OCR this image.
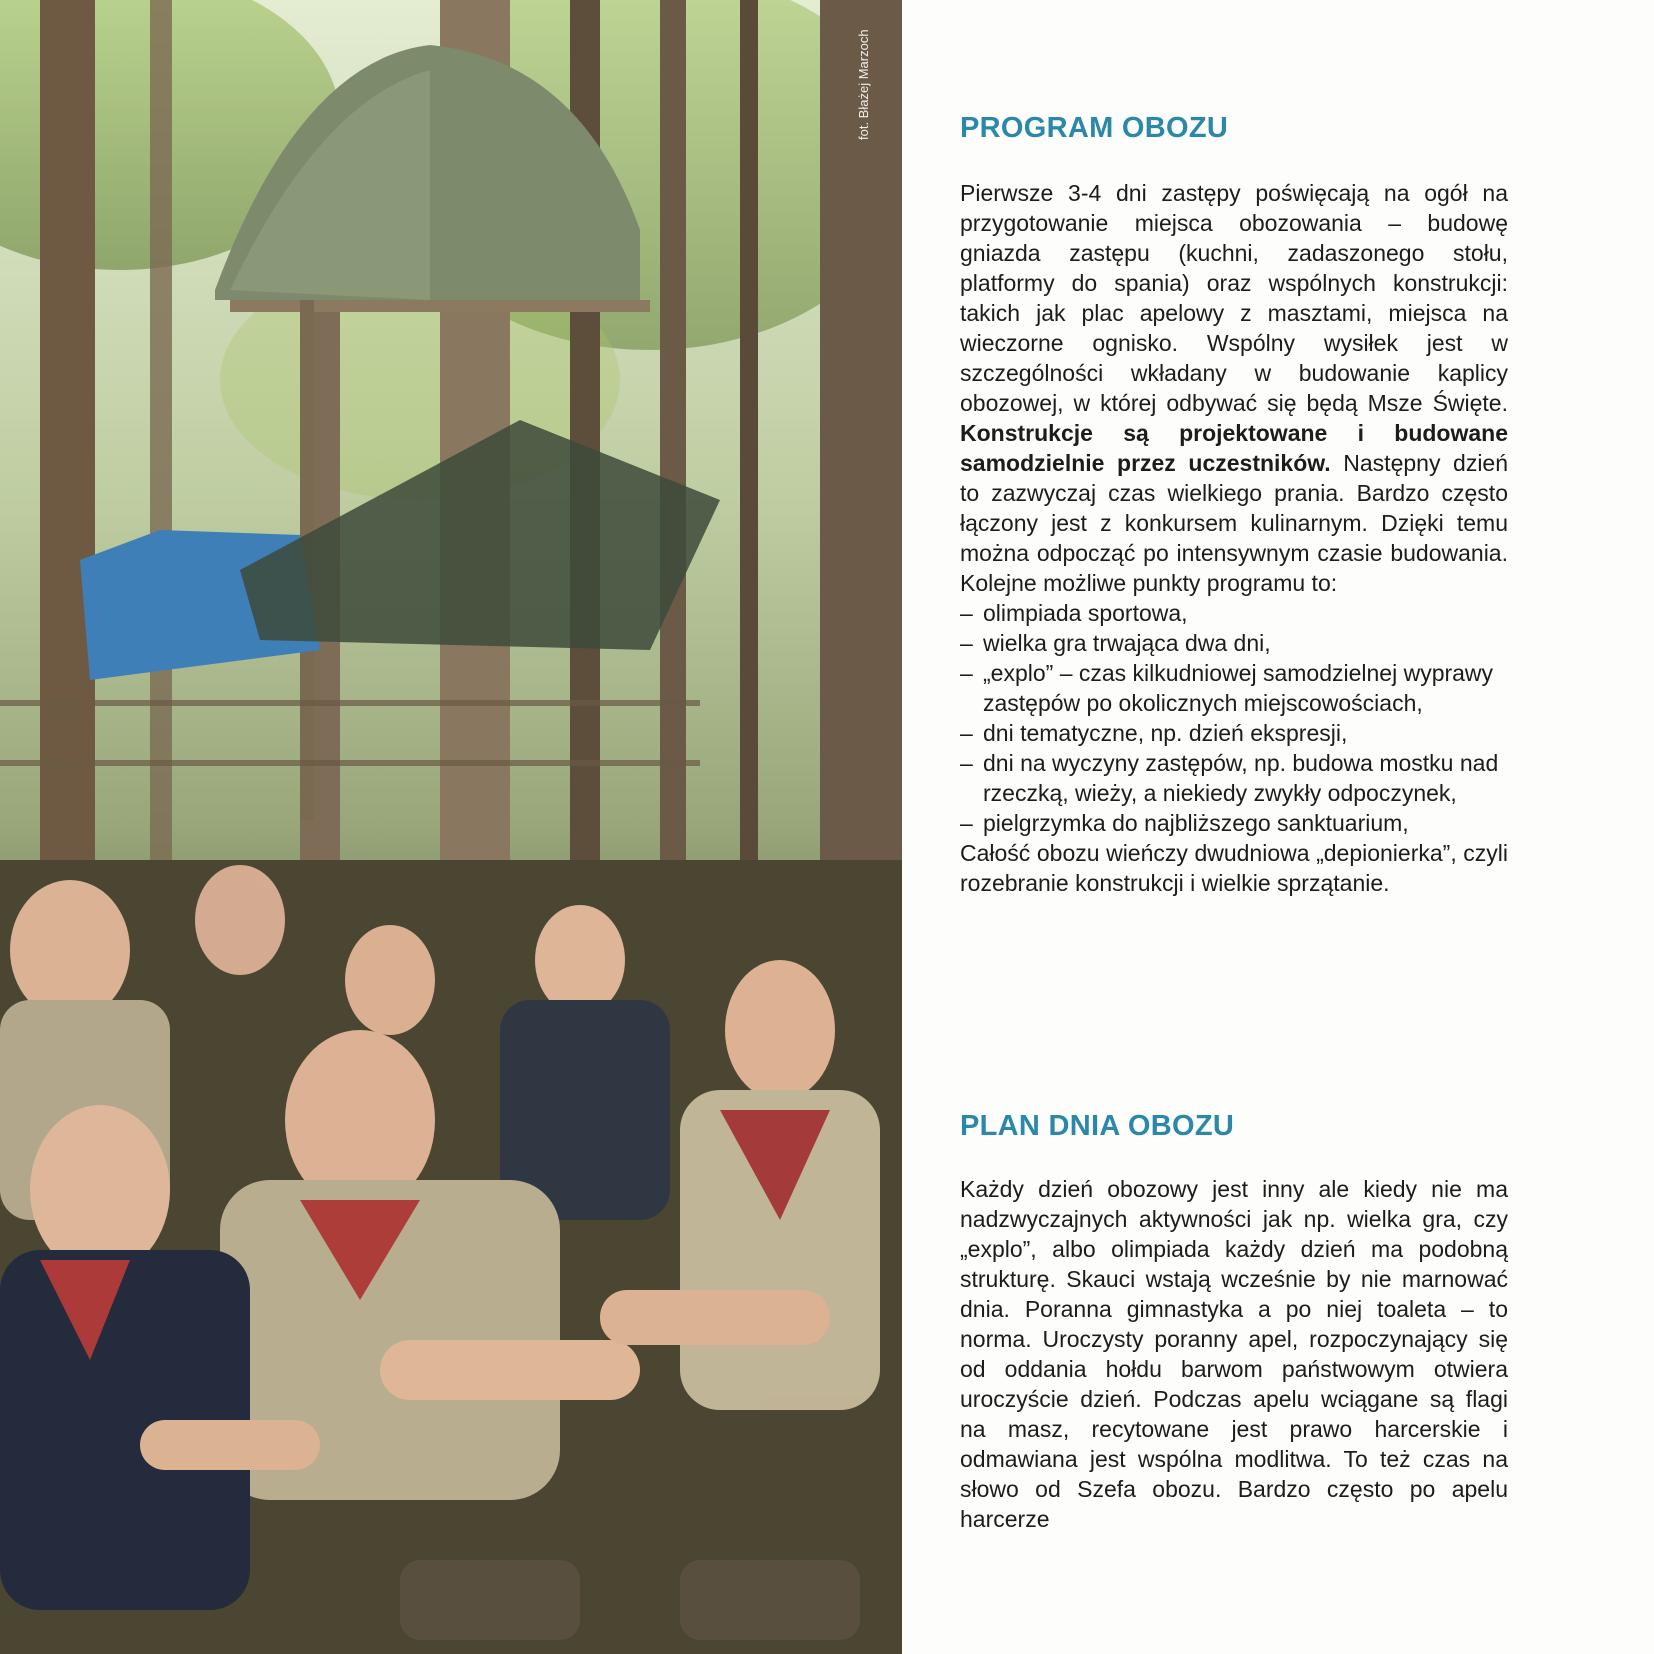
fot. Błażej Marzoch	PROGRAM OBOZU
Pierwsze 3-4 dni zastępy poświęcają na ogół na przygotowanie miejsca obozowania – budowę gniazda zastępu (kuchni, zadaszonego stołu, platformy do spania) oraz wspólnych konstrukcji: takich jak plac apelowy z masztami, miejsca na wieczorne ognisko. Wspólny wysiłek jest w szczególności wkładany w budowanie kaplicy obozowej, w której odbywać się będą Msze Święte. Konstrukcje są projektowane i budowane samodzielnie przez uczestników. Następny dzień to zazwyczaj czas wielkiego prania. Bardzo często łączony jest z konkursem kulinarnym. Dzięki temu można odpocząć po intensywnym czasie budowania. Kolejne możliwe punkty programu to:
– olimpiada sportowa,
– wielka gra trwająca dwa dni,
– „explo” – czas kilkudniowej samodzielnej wyprawy zastępów po okolicznych miejscowościach,
– dni tematyczne, np. dzień ekspresji,
– dni na wyczyny zastępów, np. budowa mostku nad rzeczką, wieży, a niekiedy zwykły odpoczynek,
– pielgrzymka do najbliższego sanktuarium,
Całość obozu wieńczy dwudniowa „depionierka”, czyli rozebranie konstrukcji i wielkie sprzątanie.
PLAN DNIA OBOZU

Każdy dzień obozowy jest inny ale kiedy nie ma nadzwyczajnych aktywności jak np. wielka gra, czy „explo”, albo olimpiada każdy dzień ma podobną strukturę. Skauci wstają wcześnie by nie marnować dnia. Poranna gimnastyka a po niej toaleta – to norma. Uroczysty poranny apel, rozpoczynający się od oddania hołdu barwom państwowym otwiera uroczyście dzień. Podczas apelu wciągane są flagi na masz, recytowane jest prawo harcerskie i odmawiana jest wspólna modlitwa. To też czas na słowo od Szefa obozu. Bardzo często po apelu harcerze
